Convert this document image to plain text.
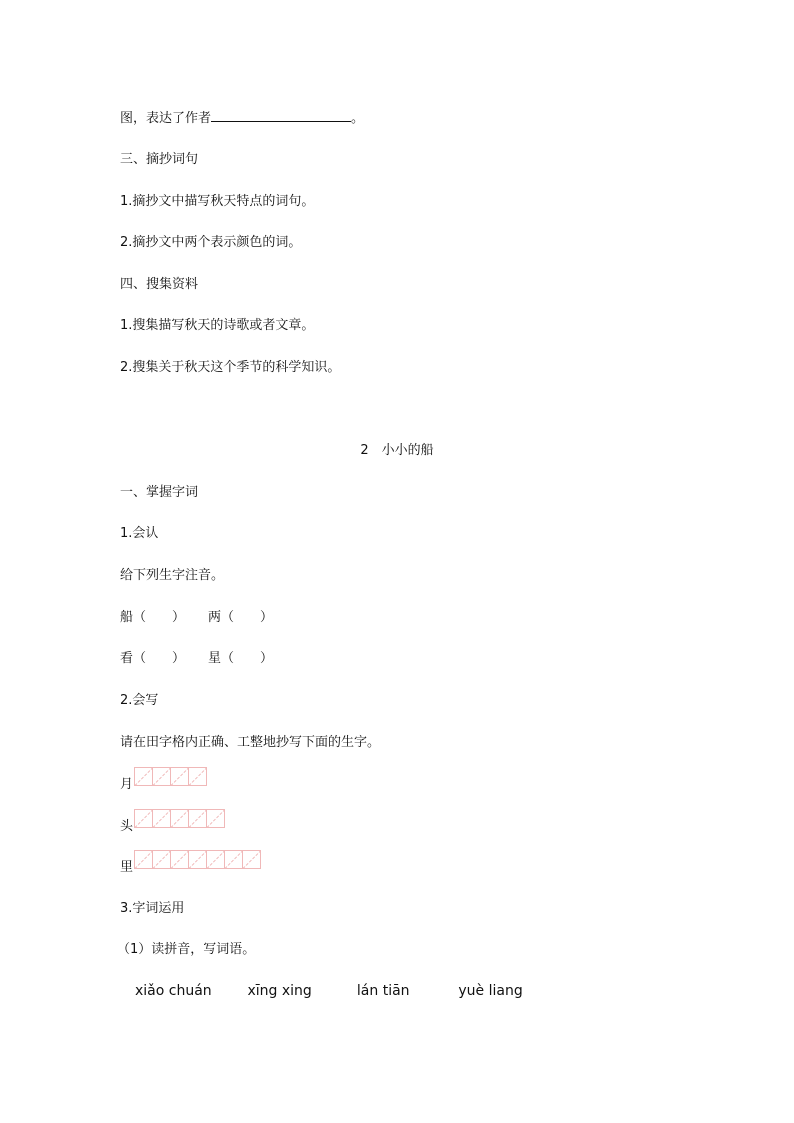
图，表达了作者	。
三、摘抄词句
1.摘抄文中描写秋天特点的词句。
2.摘抄文中两个表示颜色的词。
四、搜集资料
1.搜集描写秋天的诗歌或者文章。
2.搜集关于秋天这个季节的科学知识。
2　小小的船
一、掌握字词
1.会认
给下列生字注音。
船（　　）	两（　　）
看（　　）	星（　　）
2.会写
请在田字格内正确、工整地抄写下面的生字。
月
头
里
3.字词运用
（1）读拼音，写词语。
xiǎo chuán	xīng xing	lán tiān	yuè liang
